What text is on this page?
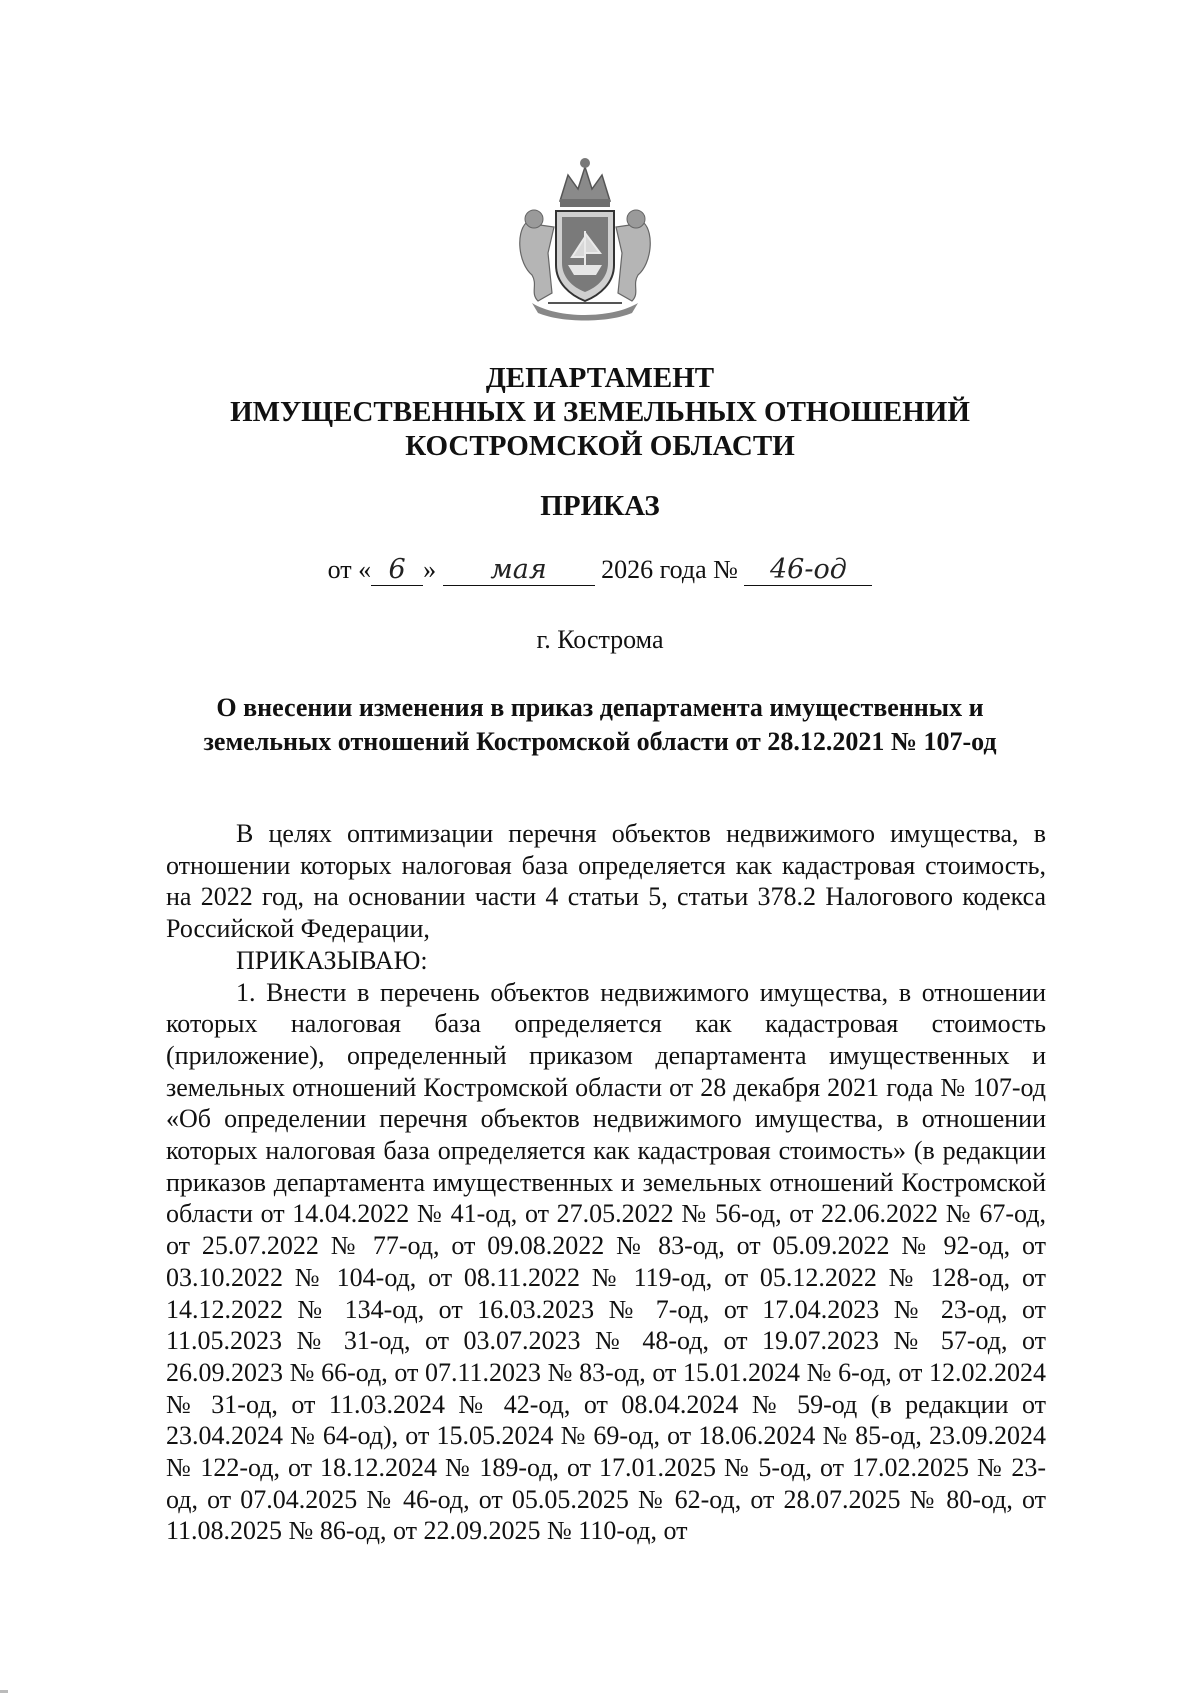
ДЕПАРТАМЕНТ
ИМУЩЕСТВЕННЫХ И ЗЕМЕЛЬНЫХ ОТНОШЕНИЙ
КОСТРОМСКОЙ ОБЛАСТИ
ПРИКАЗ
от « 6 » мая 2026 года № 46-од
г. Кострома
О внесении изменения в приказ департамента имущественных и
земельных отношений Костромской области от 28.12.2021 № 107-од

В целях оптимизации перечня объектов недвижимого имущества, в отношении которых налоговая база определяется как кадастровая стоимость, на 2022 год, на основании части 4 статьи 5, статьи 378.2 Налогового кодекса Российской Федерации,

ПРИКАЗЫВАЮ:

1. Внести в перечень объектов недвижимого имущества, в отношении которых налоговая база определяется как кадастровая стоимость (приложение), определенный приказом департамента имущественных и земельных отношений Костромской области от 28 декабря 2021 года № 107-од «Об определении перечня объектов недвижимого имущества, в отношении которых налоговая база определяется как кадастровая стоимость» (в редакции приказов департамента имущественных и земельных отношений Костромской области от 14.04.2022 № 41-од, от 27.05.2022 № 56-од, от 22.06.2022 № 67-од, от 25.07.2022 № 77-од, от 09.08.2022 № 83-од, от 05.09.2022 № 92-од, от 03.10.2022 № 104-од, от 08.11.2022 № 119-од, от 05.12.2022 № 128-од, от 14.12.2022 № 134-од, от 16.03.2023 № 7-од, от 17.04.2023 № 23-од, от 11.05.2023 № 31-од, от 03.07.2023 № 48-од, от 19.07.2023 № 57-од, от 26.09.2023 № 66-од, от 07.11.2023 № 83-од, от 15.01.2024 № 6-од, от 12.02.2024 № 31-од, от 11.03.2024 № 42-од, от 08.04.2024 № 59-од (в редакции от 23.04.2024 № 64-од), от 15.05.2024 № 69-од, от 18.06.2024 № 85-од, 23.09.2024 № 122-од, от 18.12.2024 № 189-од, от 17.01.2025 № 5-од, от 17.02.2025 № 23-од, от 07.04.2025 № 46-од, от 05.05.2025 № 62-од, от 28.07.2025 № 80-од, от 11.08.2025 № 86-од, от 22.09.2025 № 110-од, от
